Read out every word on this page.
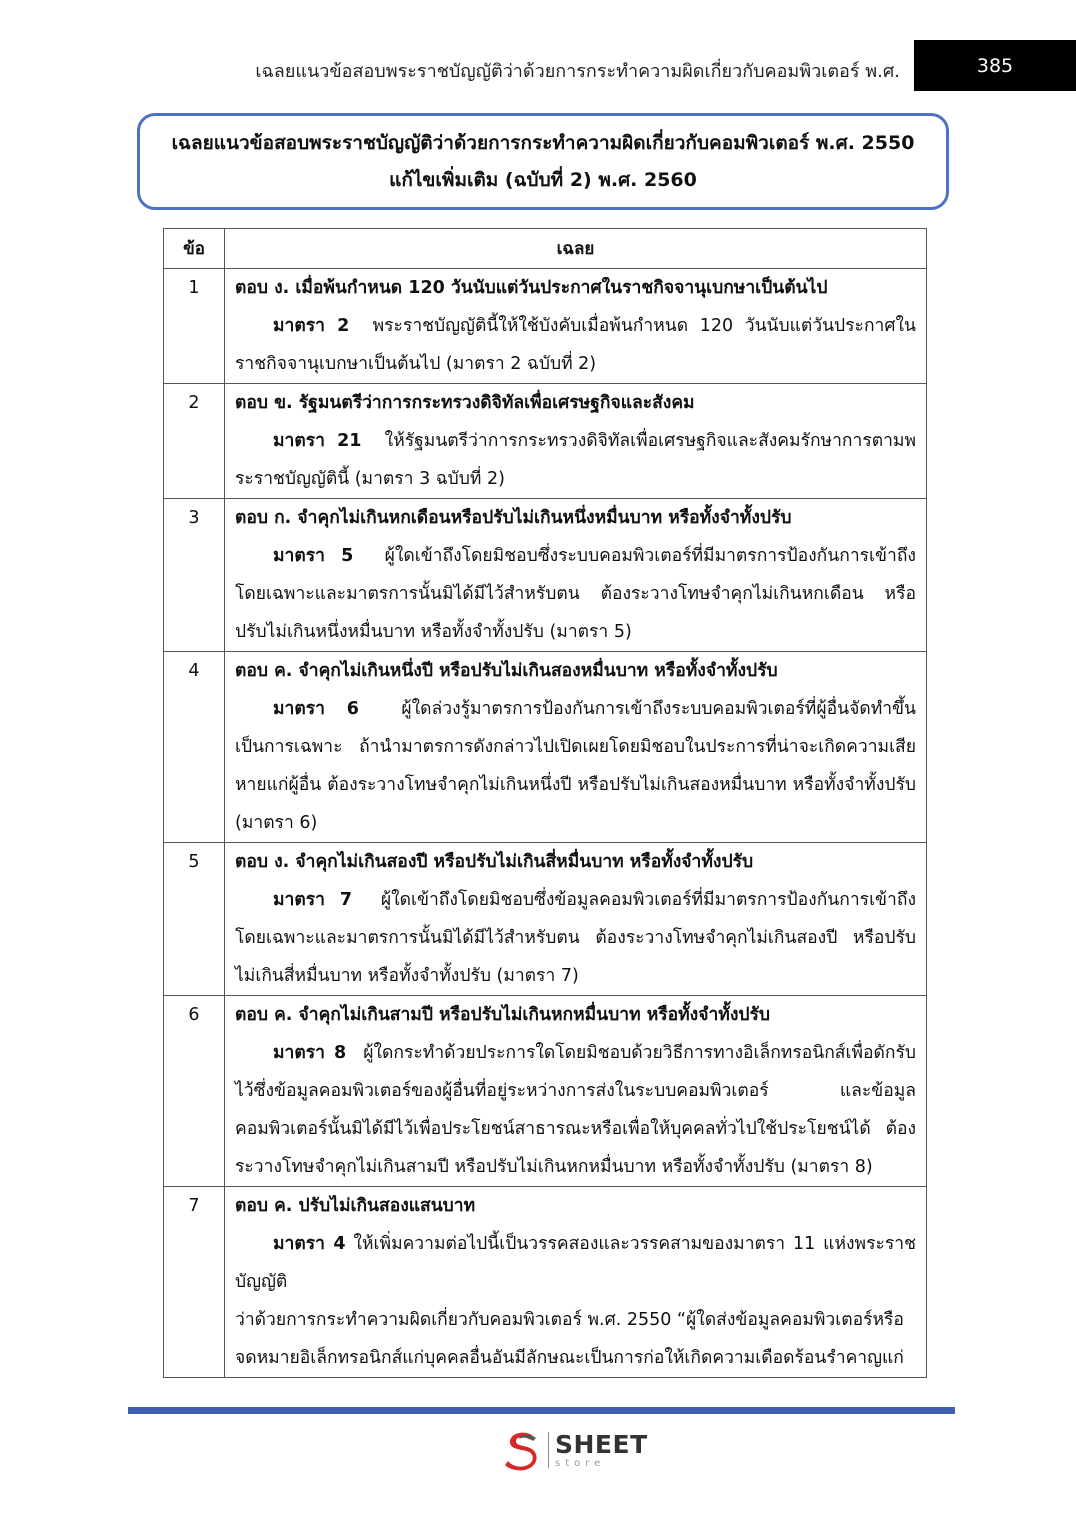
เฉลยแนวข้อสอบพระราชบัญญัติว่าด้วยการกระทำความผิดเกี่ยวกับคอมพิวเตอร์ พ.ศ.	385
เฉลยแนวข้อสอบพระราชบัญญัติว่าด้วยการกระทำความผิดเกี่ยวกับคอมพิวเตอร์ พ.ศ. 2550
แก้ไขเพิ่มเติม (ฉบับที่ 2) พ.ศ. 2560
ข้อ	เฉลย
1	ตอบ ง. เมื่อพ้นกำหนด 120 วันนับแต่วันประกาศในราชกิจจานุเบกษาเป็นต้นไป
มาตรา 2 พระราชบัญญัตินี้ให้ใช้บังคับเมื่อพ้นกำหนด 120 วันนับแต่วันประกาศในราชกิจจานุเบกษาเป็นต้นไป (มาตรา 2 ฉบับที่ 2)

2	ตอบ ข. รัฐมนตรีว่าการกระทรวงดิจิทัลเพื่อเศรษฐกิจและสังคม
มาตรา 21 ให้รัฐมนตรีว่าการกระทรวงดิจิทัลเพื่อเศรษฐกิจและสังคมรักษาการตามพระราชบัญญัตินี้ (มาตรา 3 ฉบับที่ 2)

3	ตอบ ก. จำคุกไม่เกินหกเดือนหรือปรับไม่เกินหนึ่งหมื่นบาท หรือทั้งจำทั้งปรับ
มาตรา 5 ผู้ใดเข้าถึงโดยมิชอบซึ่งระบบคอมพิวเตอร์ที่มีมาตรการป้องกันการเข้าถึงโดยเฉพาะและมาตรการนั้นมิได้มีไว้สำหรับตน ต้องระวางโทษจำคุกไม่เกินหกเดือน หรือปรับไม่เกินหนึ่งหมื่นบาท หรือทั้งจำทั้งปรับ (มาตรา 5)

4	ตอบ ค. จำคุกไม่เกินหนึ่งปี หรือปรับไม่เกินสองหมื่นบาท หรือทั้งจำทั้งปรับ
มาตรา 6 ผู้ใดล่วงรู้มาตรการป้องกันการเข้าถึงระบบคอมพิวเตอร์ที่ผู้อื่นจัดทำขึ้นเป็นการเฉพาะ ถ้านำมาตรการดังกล่าวไปเปิดเผยโดยมิชอบในประการที่น่าจะเกิดความเสียหายแก่ผู้อื่น ต้องระวางโทษจำคุกไม่เกินหนึ่งปี หรือปรับไม่เกินสองหมื่นบาท หรือทั้งจำทั้งปรับ (มาตรา 6)

5	ตอบ ง. จำคุกไม่เกินสองปี หรือปรับไม่เกินสี่หมื่นบาท หรือทั้งจำทั้งปรับ
มาตรา 7 ผู้ใดเข้าถึงโดยมิชอบซึ่งข้อมูลคอมพิวเตอร์ที่มีมาตรการป้องกันการเข้าถึงโดยเฉพาะและมาตรการนั้นมิได้มีไว้สำหรับตน ต้องระวางโทษจำคุกไม่เกินสองปี หรือปรับไม่เกินสี่หมื่นบาท หรือทั้งจำทั้งปรับ (มาตรา 7)

6	ตอบ ค. จำคุกไม่เกินสามปี หรือปรับไม่เกินหกหมื่นบาท หรือทั้งจำทั้งปรับ
มาตรา 8 ผู้ใดกระทำด้วยประการใดโดยมิชอบด้วยวิธีการทางอิเล็กทรอนิกส์เพื่อดักรับไว้ซึ่งข้อมูลคอมพิวเตอร์ของผู้อื่นที่อยู่ระหว่างการส่งในระบบคอมพิวเตอร์ และข้อมูลคอมพิวเตอร์นั้นมิได้มีไว้เพื่อประโยชน์สาธารณะหรือเพื่อให้บุคคลทั่วไปใช้ประโยชน์ได้ ต้องระวางโทษจำคุกไม่เกินสามปี หรือปรับไม่เกินหกหมื่นบาท หรือทั้งจำทั้งปรับ (มาตรา 8)

7	ตอบ ค. ปรับไม่เกินสองแสนบาท
มาตรา 4 ให้เพิ่มความต่อไปนี้เป็นวรรคสองและวรรคสามของมาตรา 11 แห่งพระราชบัญญัติ
ว่าด้วยการกระทำความผิดเกี่ยวกับคอมพิวเตอร์ พ.ศ. 2550 “ผู้ใดส่งข้อมูลคอมพิวเตอร์หรือจดหมายอิเล็กทรอนิกส์แก่บุคคลอื่นอันมีลักษณะเป็นการก่อให้เกิดความเดือดร้อนรำคาญแก่
SHEET
store
